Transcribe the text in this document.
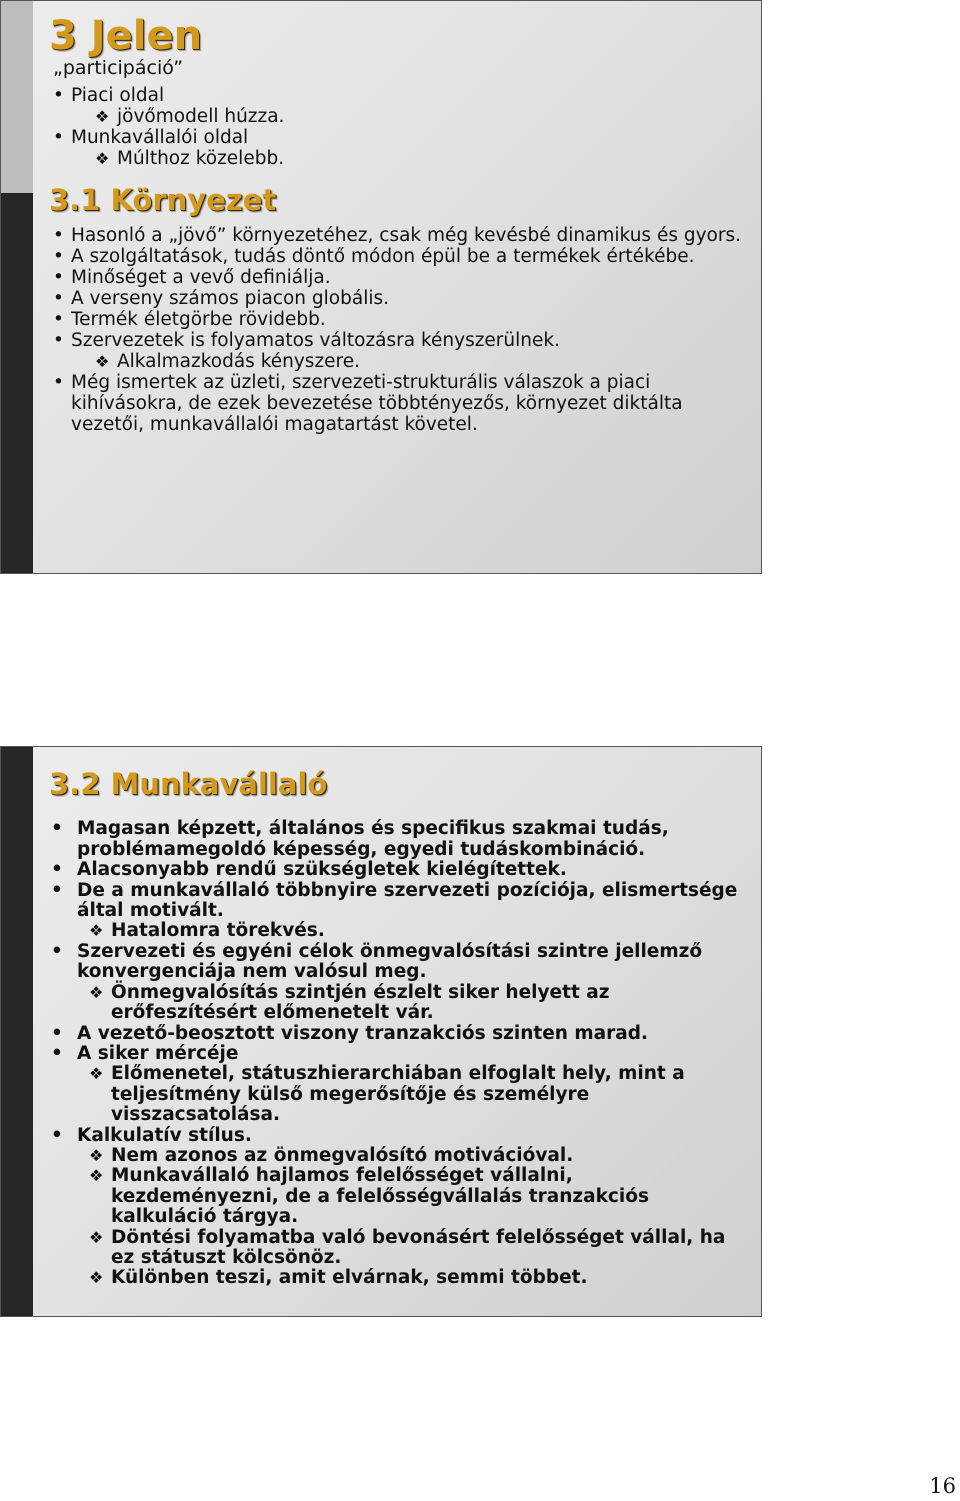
3 Jelen
„participáció”
• Piaci oldal
❖ jövőmodell húzza.
• Munkavállalói oldal
❖ Múlthoz közelebb.
3.1 Környezet
• Hasonló a „jövő” környezetéhez, csak még kevésbé dinamikus és gyors.
• A szolgáltatások, tudás döntő módon épül be a termékek értékébe.
• Minőséget a vevő definiálja.
• A verseny számos piacon globális.
• Termék életgörbe rövidebb.
• Szervezetek is folyamatos változásra kényszerülnek.
❖ Alkalmazkodás kényszere.
• Még ismertek az üzleti, szervezeti-strukturális válaszok a piaci kihívásokra, de ezek bevezetése többtényezős, környezet diktálta vezetői, munkavállalói magatartást követel.
3.2 Munkavállaló
• Magasan képzett, általános és specifikus szakmai tudás, problémamegoldó képesség, egyedi tudáskombináció.
• Alacsonyabb rendű szükségletek kielégítettek.
• De a munkavállaló többnyire szervezeti pozíciója, elismertsége által motivált.
❖ Hatalomra törekvés.
• Szervezeti és egyéni célok önmegvalósítási szintre jellemző konvergenciája nem valósul meg.
❖ Önmegvalósítás szintjén észlelt siker helyett az erőfeszítésért előmenetelt vár.
• A vezető-beosztott viszony tranzakciós szinten marad.
• A siker mércéje
❖ Előmenetel, státuszhierarchiában elfoglalt hely, mint a teljesítmény külső megerősítője és személyre visszacsatolása.
• Kalkulatív stílus.
❖ Nem azonos az önmegvalósító motivációval.
❖ Munkavállaló hajlamos felelősséget vállalni, kezdeményezni, de a felelősségvállalás tranzakciós kalkuláció tárgya.
❖ Döntési folyamatba való bevonásért felelősséget vállal, ha ez státuszt kölcsönöz.
❖ Különben teszi, amit elvárnak, semmi többet.
16
